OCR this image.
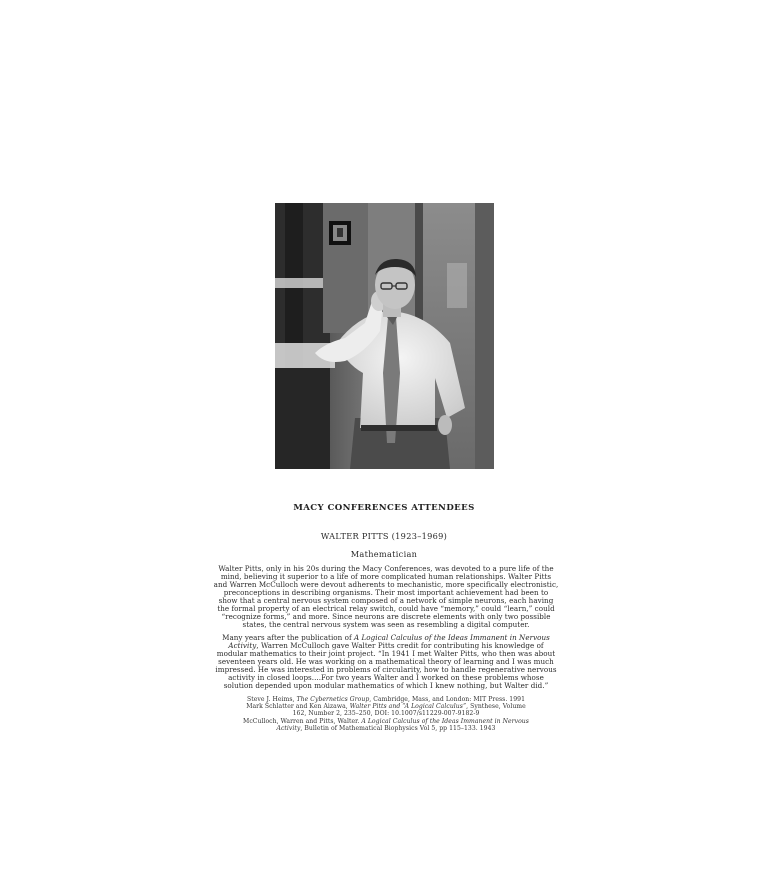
MACY CONFERENCES ATTENDEES
WALTER PITTS (1923–1969)
Mathematician
Walter Pitts, only in his 20s during the Macy Conferences, was devoted to a pure life of the
mind, believing it superior to a life of more complicated human relationships. Walter Pitts
and Warren McCulloch were devout adherents to mechanistic, more specifically electronistic,
preconceptions in describing organisms. Their most important achievement had been to
show that a central nervous system composed of a network of simple neurons, each having
the formal property of an electrical relay switch, could have “memory,” could “learn,” could
“recognize forms,” and more. Since neurons are discrete elements with only two possible
states, the central nervous system was seen as resembling a digital computer.
Many years after the publication of A Logical Calculus of the Ideas Immanent in Nervous
Activity, Warren McCulloch gave Walter Pitts credit for contributing his knowledge of
modular mathematics to their joint project. “In 1941 I met Walter Pitts, who then was about
seventeen years old. He was working on a mathematical theory of learning and I was much
impressed. He was interested in problems of circularity, how to handle regenerative nervous
activity in closed loops....For two years Walter and I worked on these problems whose
solution depended upon modular mathematics of which I knew nothing, but Walter did.”
Steve J. Heims, The Cybernetics Group, Cambridge, Mass, and London: MIT Press. 1991
Mark Schlatter and Ken Aizawa, Walter Pitts and “A Logical Calculus”, Synthese, Volume
162, Number 2, 235–250, DOI: 10.1007/s11229-007-9182-9
McCulloch, Warren and Pitts, Walter. A Logical Calculus of the Ideas Immanent in Nervous
Activity, Bulletin of Mathematical Biophysics Vol 5, pp 115–133. 1943
